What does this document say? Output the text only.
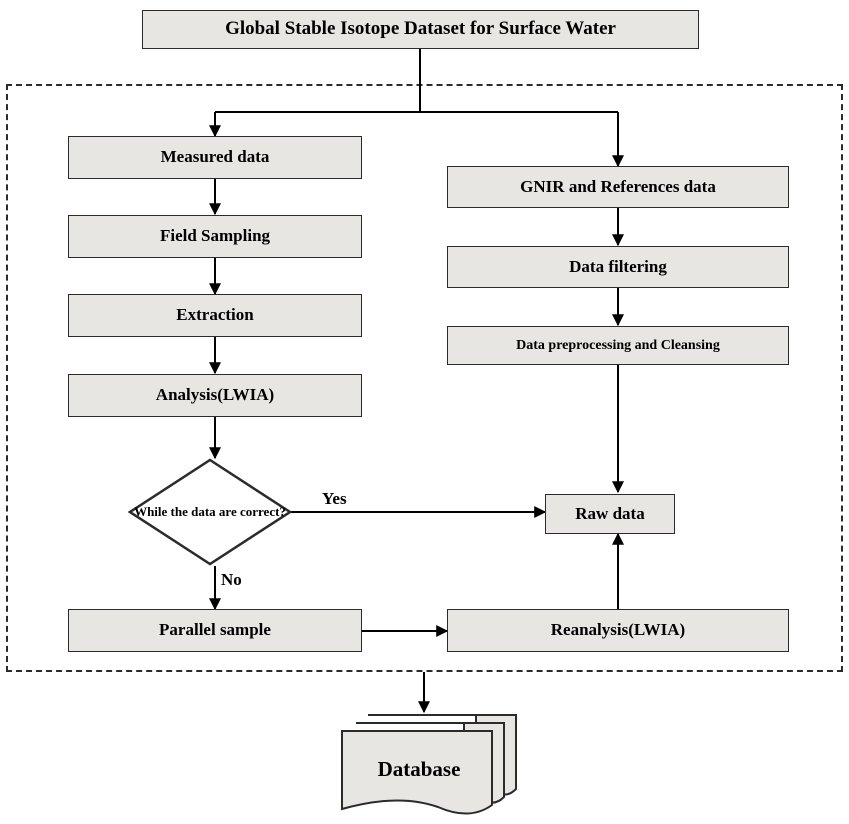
Global Stable Isotope Dataset for Surface Water
Measured data
Field Sampling
Extraction
Analysis(LWIA)
GNIR and References data
Data filtering
Data preprocessing and Cleansing
While the data are correct?
Yes
No
Raw data
Parallel sample	Reanalysis(LWIA)
Database
